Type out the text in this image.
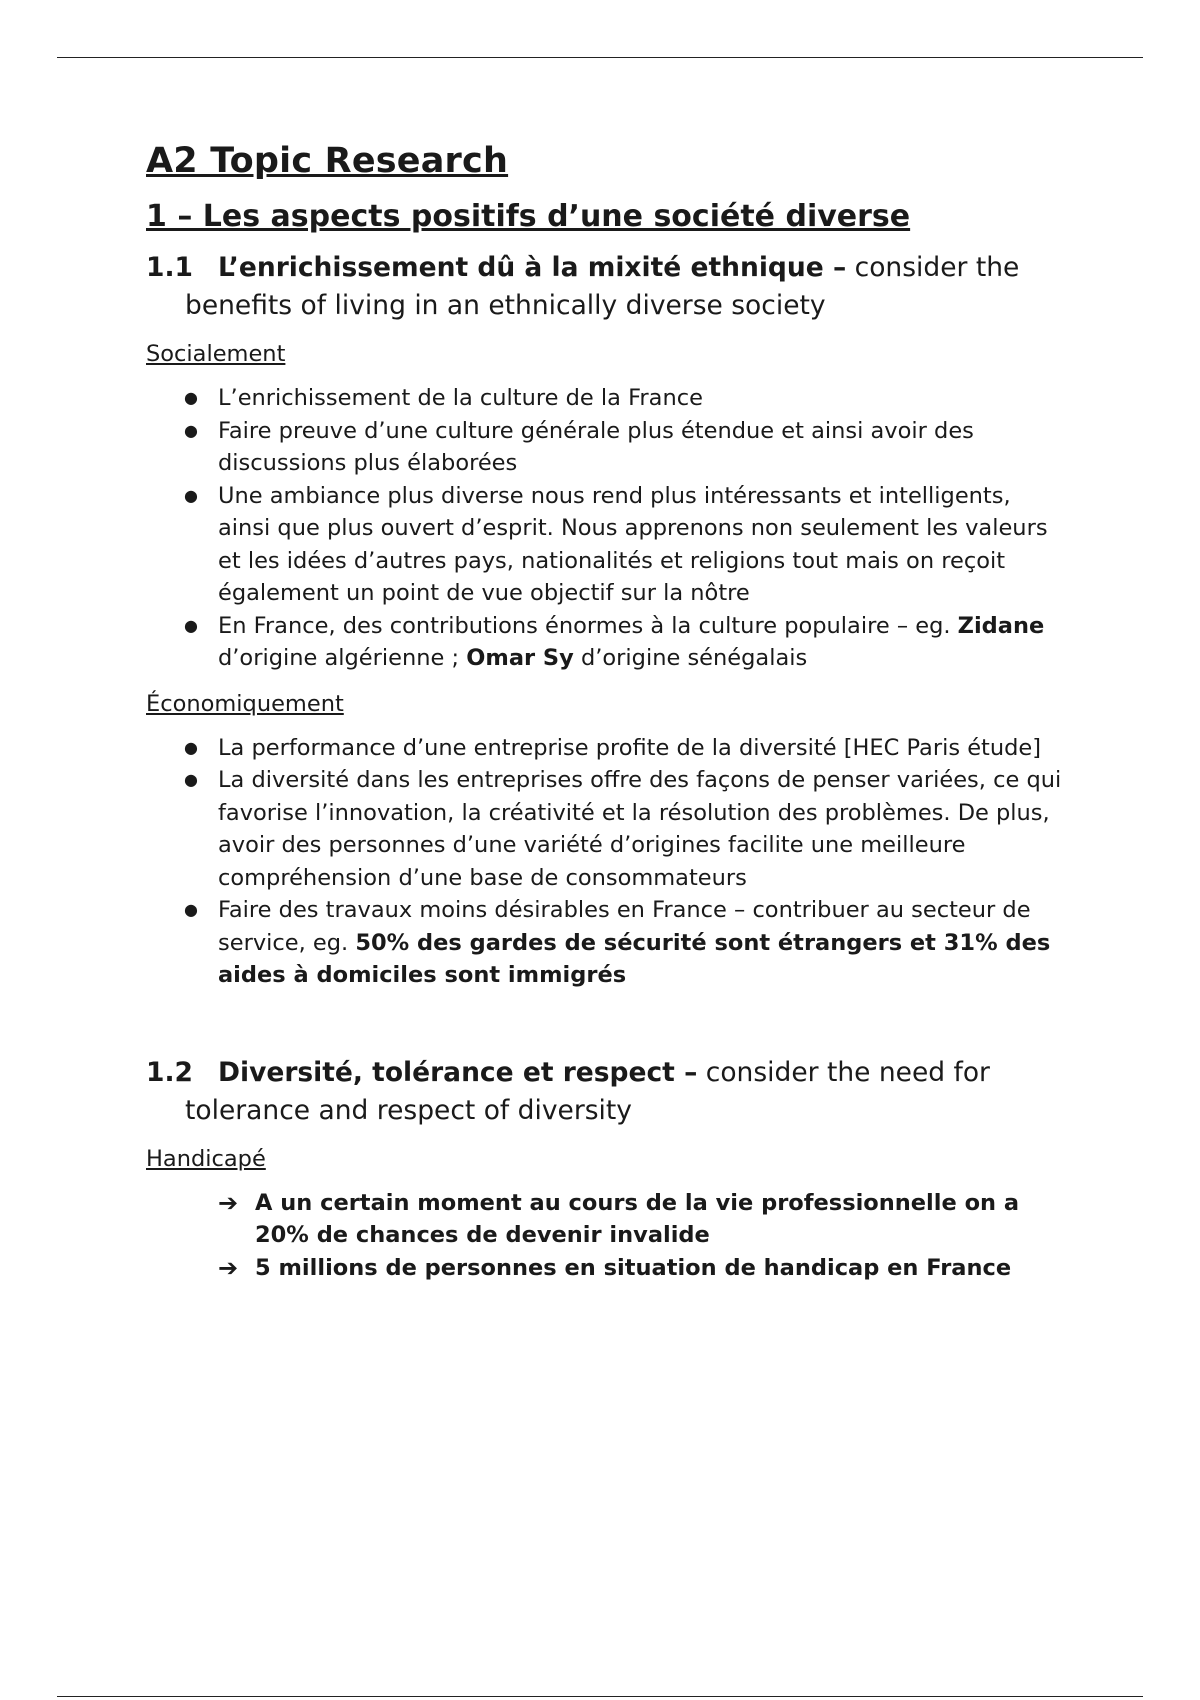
A2 Topic Research
1 – Les aspects positifs d’une société diverse
1.1 L’enrichissement dû à la mixité ethnique – consider the benefits of living in an ethnically diverse society
Socialement
● L’enrichissement de la culture de la France
● Faire preuve d’une culture générale plus étendue et ainsi avoir des discussions plus élaborées
● Une ambiance plus diverse nous rend plus intéressants et intelligents, ainsi que plus ouvert d’esprit. Nous apprenons non seulement les valeurs et les idées d’autres pays, nationalités et religions tout mais on reçoit également un point de vue objectif sur la nôtre
● En France, des contributions énormes à la culture populaire – eg. Zidane d’origine algérienne ; Omar Sy d’origine sénégalais
Économiquement
● La performance d’une entreprise profite de la diversité [HEC Paris étude]
● La diversité dans les entreprises offre des façons de penser variées, ce qui favorise l’innovation, la créativité et la résolution des problèmes. De plus, avoir des personnes d’une variété d’origines facilite une meilleure compréhension d’une base de consommateurs
● Faire des travaux moins désirables en France – contribuer au secteur de service, eg. 50% des gardes de sécurité sont étrangers et 31% des aides à domiciles sont immigrés
1.2 Diversité, tolérance et respect – consider the need for tolerance and respect of diversity
Handicapé
➔ A un certain moment au cours de la vie professionnelle on a 20% de chances de devenir invalide
➔ 5 millions de personnes en situation de handicap en France
